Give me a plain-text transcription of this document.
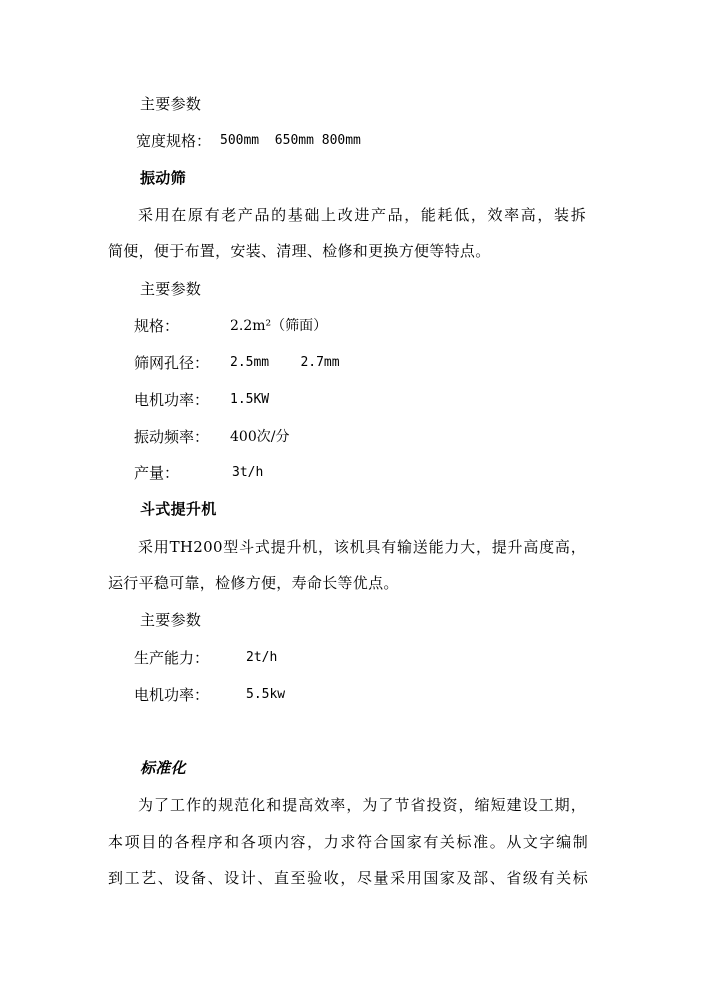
主要参数
宽度规格： 500mm  650mm 800mm
振动筛
采用在原有老产品的基础上改进产品，能耗低，效率高，装拆
简便，便于布置，安装、清理、检修和更换方便等特点。
主要参数
规格：	2.2m²（筛面）
筛网孔径： 2.5mm    2.7mm
电机功率： 1.5KW
振动频率： 400次/分
产量：	3t/h
斗式提升机
采用TH200型斗式提升机，该机具有输送能力大，提升高度高，
运行平稳可靠，检修方便，寿命长等优点。
主要参数
生产能力：	2t/h
电机功率：	5.5kw
标准化
为了工作的规范化和提高效率，为了节省投资，缩短建设工期，
本项目的各程序和各项内容，力求符合国家有关标准。从文字编制
到工艺、设备、设计、直至验收，尽量采用国家及部、省级有关标
